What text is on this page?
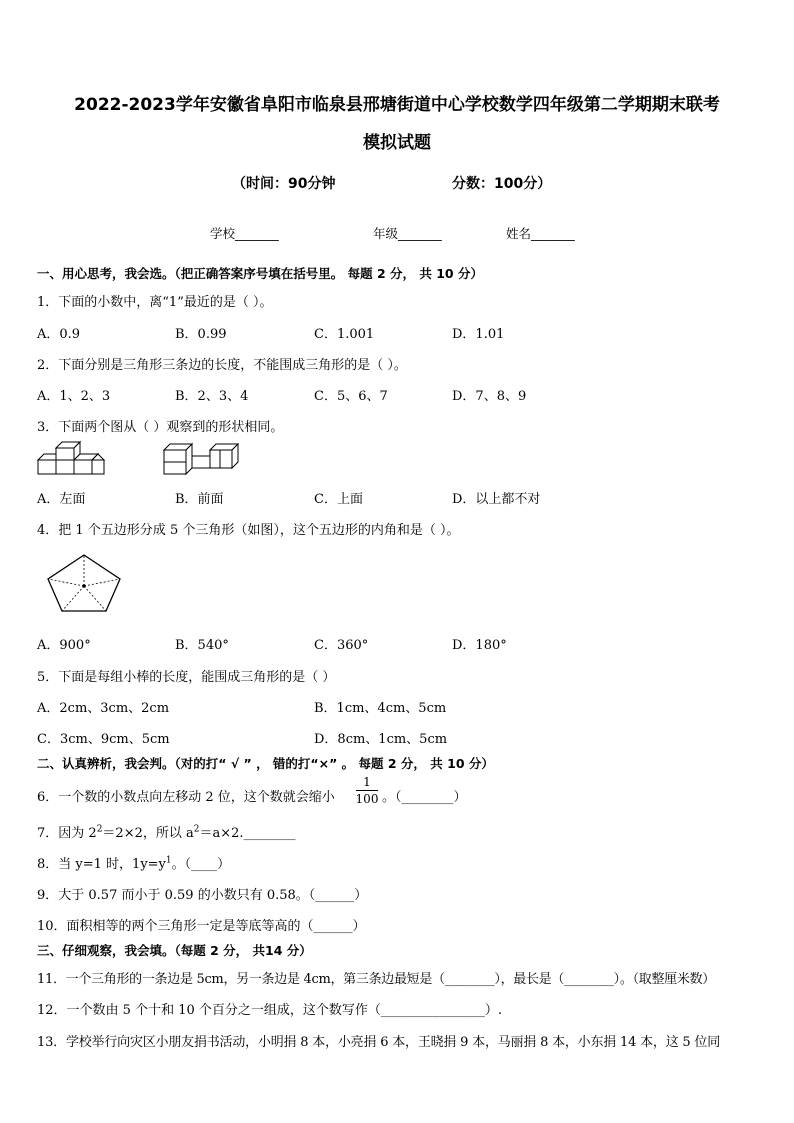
2022-2023学年安徽省阜阳市临泉县邢塘街道中心学校数学四年级第二学期期末联考
模拟试题
（时间：90分钟	分数：100分）
学校_______	年级_______	姓名_______
一、用心思考，我会选。（把正确答案序号填在括号里。 每题 2 分， 共 10 分）
1．下面的小数中，离“1”最近的是（ ）。
A．0.9	B．0.99	C．1.001	D．1.01
2．下面分别是三角形三条边的长度，不能围成三角形的是（ ）。
A．1、2、3	B．2、3、4	C．5、6、7	D．7、8、9
3．下面两个图从（ ）观察到的形状相同。
A．左面	B．前面	C．上面	D．以上都不对
4．把 1 个五边形分成 5 个三角形（如图），这个五边形的内角和是（ ）。
A．900°	B．540°	C．360°	D．180°
5．下面是每组小棒的长度，能围成三角形的是（ ）
A．2cm、3cm、2cm	B．1cm、4cm、5cm
C．3cm、9cm、5cm	D．8cm、1cm、5cm
二、认真辨析，我会判。（对的打“ √ ” ， 错的打“×” 。 每题 2 分， 共 10 分）
6．一个数的小数点向左移动 2 位，这个数就会缩小
1
100 。（________）
7．因为 $2^2=2\times 2$，所以 $a^2=a\times 2.\_\_\_\_\_\_\_\_$
8．当 y=1 时，$1y=y^1$。（____）
9．大于 0.57 而小于 0.59 的小数只有 0.58。（______）
10．面积相等的两个三角形一定是等底等高的（______）
三、仔细观察，我会填。（每题 2 分， 共14 分）
11．一个三角形的一条边是 5cm，另一条边是 4cm，第三条边最短是（________），最长是（________）。（取整厘米数）
12．一个数由 5 个十和 10 个百分之一组成，这个数写作（________________）.
13．学校举行向灾区小朋友捐书活动，小明捐 8 本，小亮捐 6 本，王晓捐 9 本，马丽捐 8 本，小东捐 14 本，这 5 位同
